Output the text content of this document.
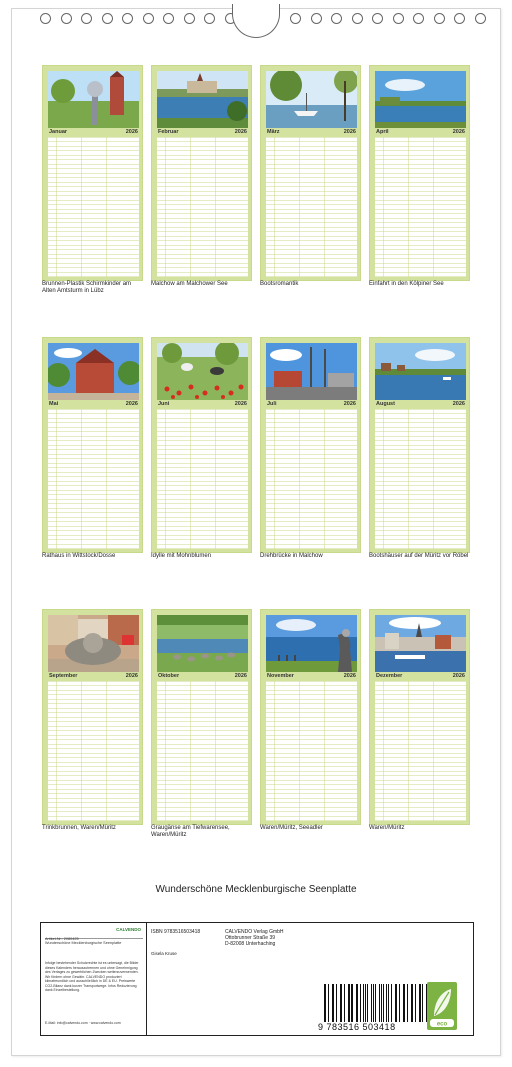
Januar	2026
Brunnen-Plastik Schirmkinder am Alten Amtsturm in Lübz
Februar	2026
Malchow am Malchower See
März	2026
Bootsromantik
April	2026
Einfahrt in den Kölpiner See
Mai	2026
Rathaus in Wittstock/Dosse
Juni	2026
Idylle mit Mohnblumen
Juli	2026
Drehbrücke in Malchow
August	2026
Bootshäuser auf der Müritz vor Röbel
September	2026
Trinkbrunnen, Waren/Müritz
Oktober	2026
Graugänse am Tiefwarensee, Waren/Müritz
November	2026
Waren/Müritz, Seeadler
Dezember	2026
Waren/Müritz
Wunderschöne Mecklenburgische Seenplatte
Artikel-Nr.: 2080425
CALVENDO
Wunderschöne Mecklenburgische Seenplatte
Infolge bestehender Schutzrechte ist es untersagt, die Bilder dieses Kalenders herauszutrennen und ohne Genehmigung des Verlages zu gewerblichen Zwecken weiterzuverwenden. Wir fördern ohne Gewähr. CALVENDO produziert klimafreundlich und ausschließlich in DE & EU. Preiswerte CO2-Bilanz dank kurzer Transportwege. Infos Reduzierung dank Einzelbestellung.
E-Mail: info@calvendo.com · www.calvendo.com
ISBN 9783516503418
Gisela Kruse
CALVENDO Verlag GmbH
Ottobrunner Straße 39
D-82008 Unterhaching
9 783516 503418	eco
